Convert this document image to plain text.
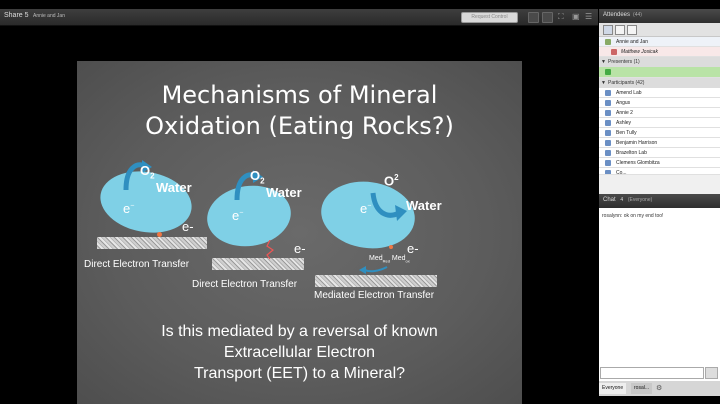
Share 5 Annie and Jan	Request Control	⛶	▣ ☰
Mechanisms of Mineral
Oxidation (Eating Rocks?)
$O_2$
Water
e−
e-
Direct Electron Transfer
$O_2$
Water
e−
e-
Direct Electron Transfer
$O^2$
Water
e−
e-
Med$_{Red}$ Med$_{ox}$
Mediated Electron Transfer
Is this mediated by a reversal of known
Extracellular Electron
Transport (EET) to a Mineral?
Attendees (44)
Annie and Jan
Matthew Josicak
▼ Presenters (1)
▼ Participants (42)
Amend Lab
Angus
Annie 2
Ashley
Ben Tully
Benjamin Harrison
Brazelton Lab
Clemens Glombitza
Co...
Chat 4 (Everyone)
rosalynn: ok on my end too!
Everyone	rosal... ⚙
